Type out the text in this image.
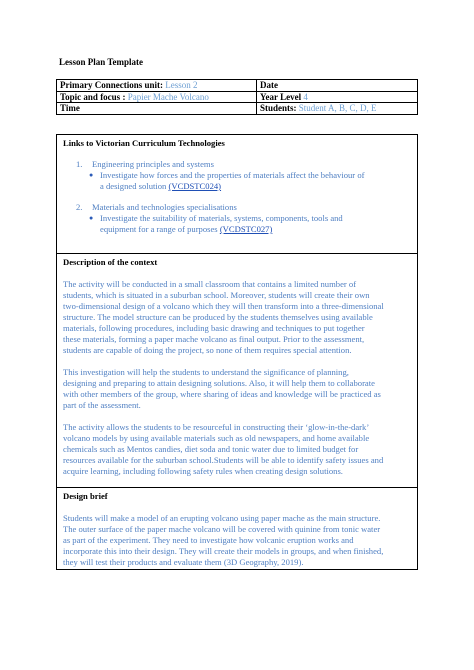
Lesson Plan Template
Primary Connections unit: Lesson 2	Date
Topic and focus : Papier Mache Volcano	Year Level 4
Time	Students: Student A, B, C, D, E

Links to Victorian Curriculum Technologies

1. Engineering principles and systems

● Investigate how forces and the properties of materials affect the behaviour of

a designed solution (VCDSTC024)

2. Materials and technologies specialisations

● Investigate the suitability of materials, systems, components, tools and

equipment for a range of purposes (VCDSTC027)

Description of the context

The activity will be conducted in a small classroom that contains a limited number of

students, which is situated in a suburban school. Moreover, students will create their own

two-dimensional design of a volcano which they will then transform into a three-dimensional

structure. The model structure can be produced by the students themselves using available

materials, following procedures, including basic drawing and techniques to put together

these materials, forming a paper mache volcano as final output. Prior to the assessment,

students are capable of doing the project, so none of them requires special attention.

This investigation will help the students to understand the significance of planning,

designing and preparing to attain designing solutions. Also, it will help them to collaborate

with other members of the group, where sharing of ideas and knowledge will be practiced as

part of the assessment.

The activity allows the students to be resourceful in constructing their ‘glow-in-the-dark’

volcano models by using available materials such as old newspapers, and home available

chemicals such as Mentos candies, diet soda and tonic water due to limited budget for

resources available for the suburban school.Students will be able to identify safety issues and

acquire learning, including following safety rules when creating design solutions.

Design brief

Students will make a model of an erupting volcano using paper mache as the main structure.

The outer surface of the paper mache volcano will be covered with quinine from tonic water

as part of the experiment. They need to investigate how volcanic eruption works and

incorporate this into their design. They will create their models in groups, and when finished,

they will test their products and evaluate them (3D Geography, 2019).
